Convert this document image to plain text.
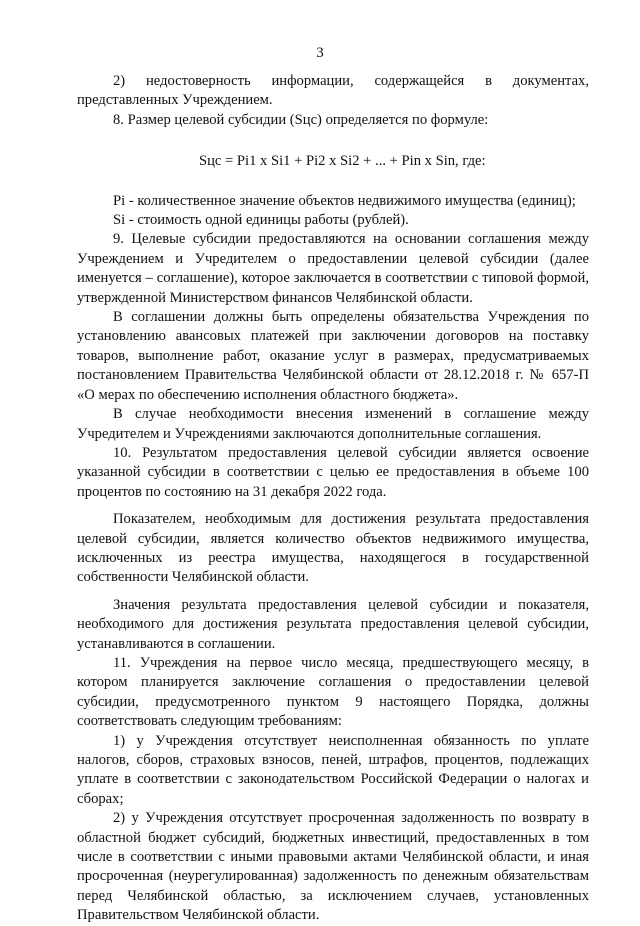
3

2) недостоверность информации, содержащейся в документах, представленных Учреждением.

8. Размер целевой субсидии (Sцс) определяется по формуле:

Sцс = Pi1 x Si1 + Pi2 x Si2 + ... + Pin x Sin, где:

Pi - количественное значение объектов недвижимого имущества (единиц);

Si - стоимость одной единицы работы (рублей).

9. Целевые субсидии предоставляются на основании соглашения между Учреждением и Учредителем о предоставлении целевой субсидии (далее именуется – соглашение), которое заключается в соответствии с типовой формой, утвержденной Министерством финансов Челябинской области.

В соглашении должны быть определены обязательства Учреждения по установлению авансовых платежей при заключении договоров на поставку товаров, выполнение работ, оказание услуг в размерах, предусматриваемых постановлением Правительства Челябинской области от 28.12.2018 г. № 657-П «О мерах по обеспечению исполнения областного бюджета».

В случае необходимости внесения изменений в соглашение между Учредителем и Учреждениями заключаются дополнительные соглашения.

10. Результатом предоставления целевой субсидии является освоение указанной субсидии в соответствии с целью ее предоставления в объеме 100 процентов по состоянию на 31 декабря 2022 года.

Показателем, необходимым для достижения результата предоставления целевой субсидии, является количество объектов недвижимого имущества, исключенных из реестра имущества, находящегося в государственной собственности Челябинской области.

Значения результата предоставления целевой субсидии и показателя, необходимого для достижения результата предоставления целевой субсидии, устанавливаются в соглашении.

11. Учреждения на первое число месяца, предшествующего месяцу, в котором планируется заключение соглашения о предоставлении целевой субсидии, предусмотренного пунктом 9 настоящего Порядка, должны соответствовать следующим требованиям:

1) у Учреждения отсутствует неисполненная обязанность по уплате налогов, сборов, страховых взносов, пеней, штрафов, процентов, подлежащих уплате в соответствии с законодательством Российской Федерации о налогах и сборах;

2) у Учреждения отсутствует просроченная задолженность по возврату в областной бюджет субсидий, бюджетных инвестиций, предоставленных в том числе в соответствии с иными правовыми актами Челябинской области, и иная просроченная (неурегулированная) задолженность по денежным обязательствам перед Челябинской областью, за исключением случаев, установленных Правительством Челябинской области.
